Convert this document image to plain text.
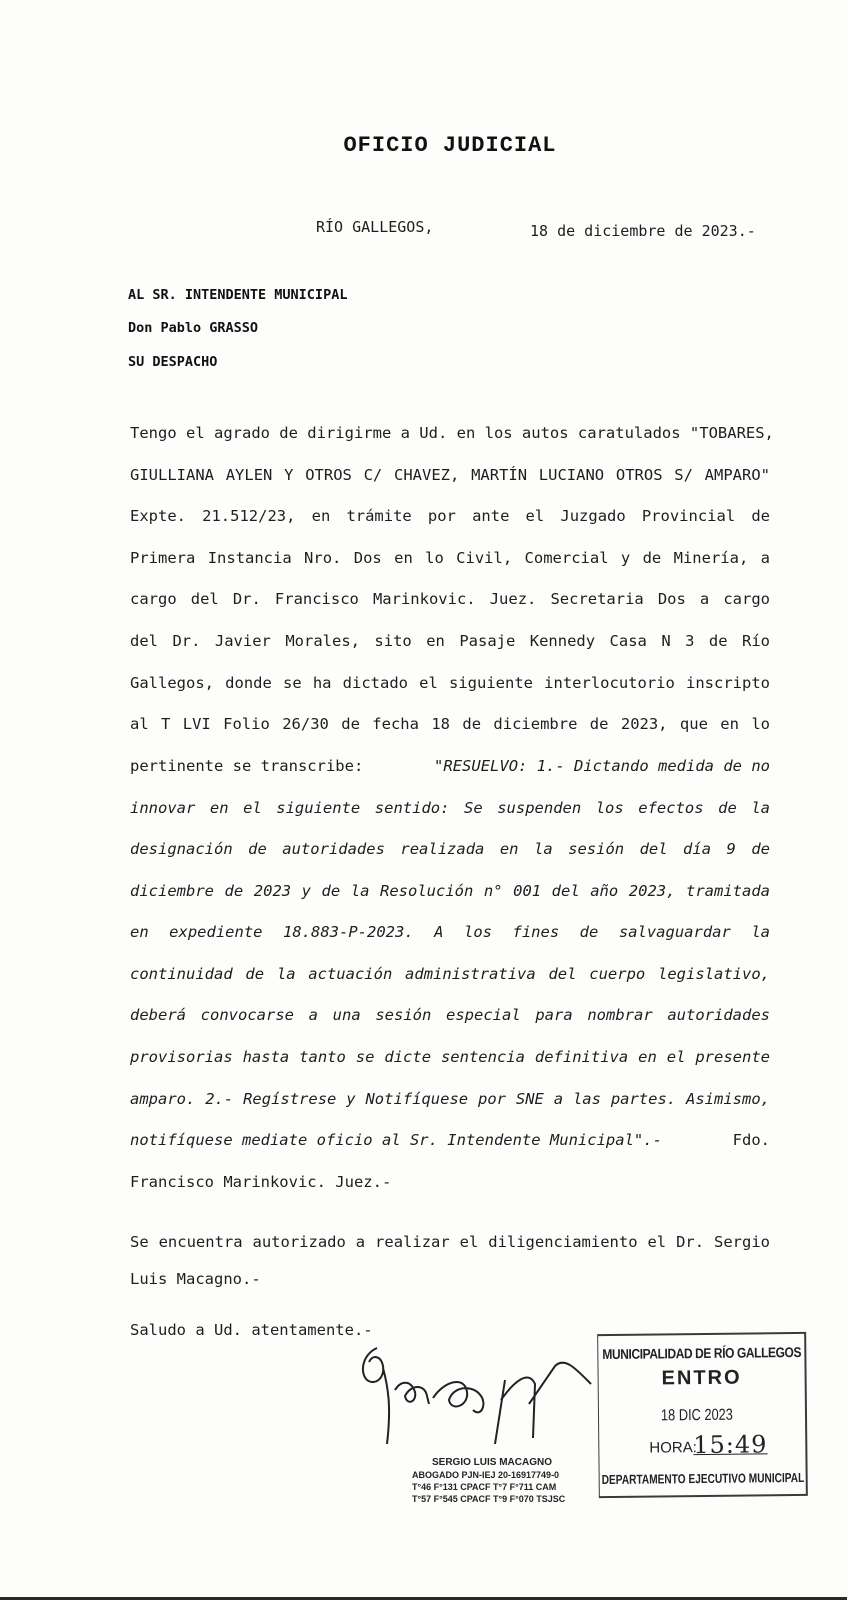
OFICIO JUDICIAL
RÍO GALLEGOS,	18 de diciembre de 2023.-
AL SR. INTENDENTE MUNICIPAL
Don Pablo GRASSO
SU DESPACHO
Tengo el agrado de dirigirme a Ud. en los autos caratulados "TOBARES,
GIULLIANA AYLEN Y OTROS C/ CHAVEZ, MARTÍN LUCIANO OTROS S/ AMPARO"
Expte. 21.512/23, en trámite por ante el Juzgado Provincial de
Primera Instancia Nro. Dos en lo Civil, Comercial y de Minería, a
cargo del Dr. Francisco Marinkovic. Juez. Secretaria Dos a cargo
del Dr. Javier Morales, sito en Pasaje Kennedy Casa N 3 de Río
Gallegos, donde se ha dictado el siguiente interlocutorio inscripto
al T LVI Folio 26/30 de fecha 18 de diciembre de 2023, que en lo
pertinente se transcribe:	"RESUELVO: 1.- Dictando medida de no
innovar en el siguiente sentido: Se suspenden los efectos de la
designación de autoridades realizada en la sesión del día 9 de
diciembre de 2023 y de la Resolución n° 001 del año 2023, tramitada
en expediente 18.883-P-2023. A los fines de salvaguardar la
continuidad de la actuación administrativa del cuerpo legislativo,
deberá convocarse a una sesión especial para nombrar autoridades
provisorias hasta tanto se dicte sentencia definitiva en el presente
amparo. 2.- Regístrese y Notifíquese por SNE a las partes. Asimismo,
notifíquese mediate oficio al Sr. Intendente Municipal".-	Fdo.
Francisco Marinkovic. Juez.-
Se encuentra autorizado a realizar el diligenciamiento el Dr. Sergio
Luis Macagno.-
Saludo a Ud. atentamente.-
SERGIO LUIS MACAGNO
ABOGADO PJN-IEJ 20-16917749-0
T°46 F°131 CPACF T°7 F°711 CAM
T°57 F°545 CPACF T°9 F°070 TSJSC
MUNICIPALIDAD DE RÍO GALLEGOS
ENTRO
18 DIC 2023
HORA:
15:49
DEPARTAMENTO EJECUTIVO MUNICIPAL
